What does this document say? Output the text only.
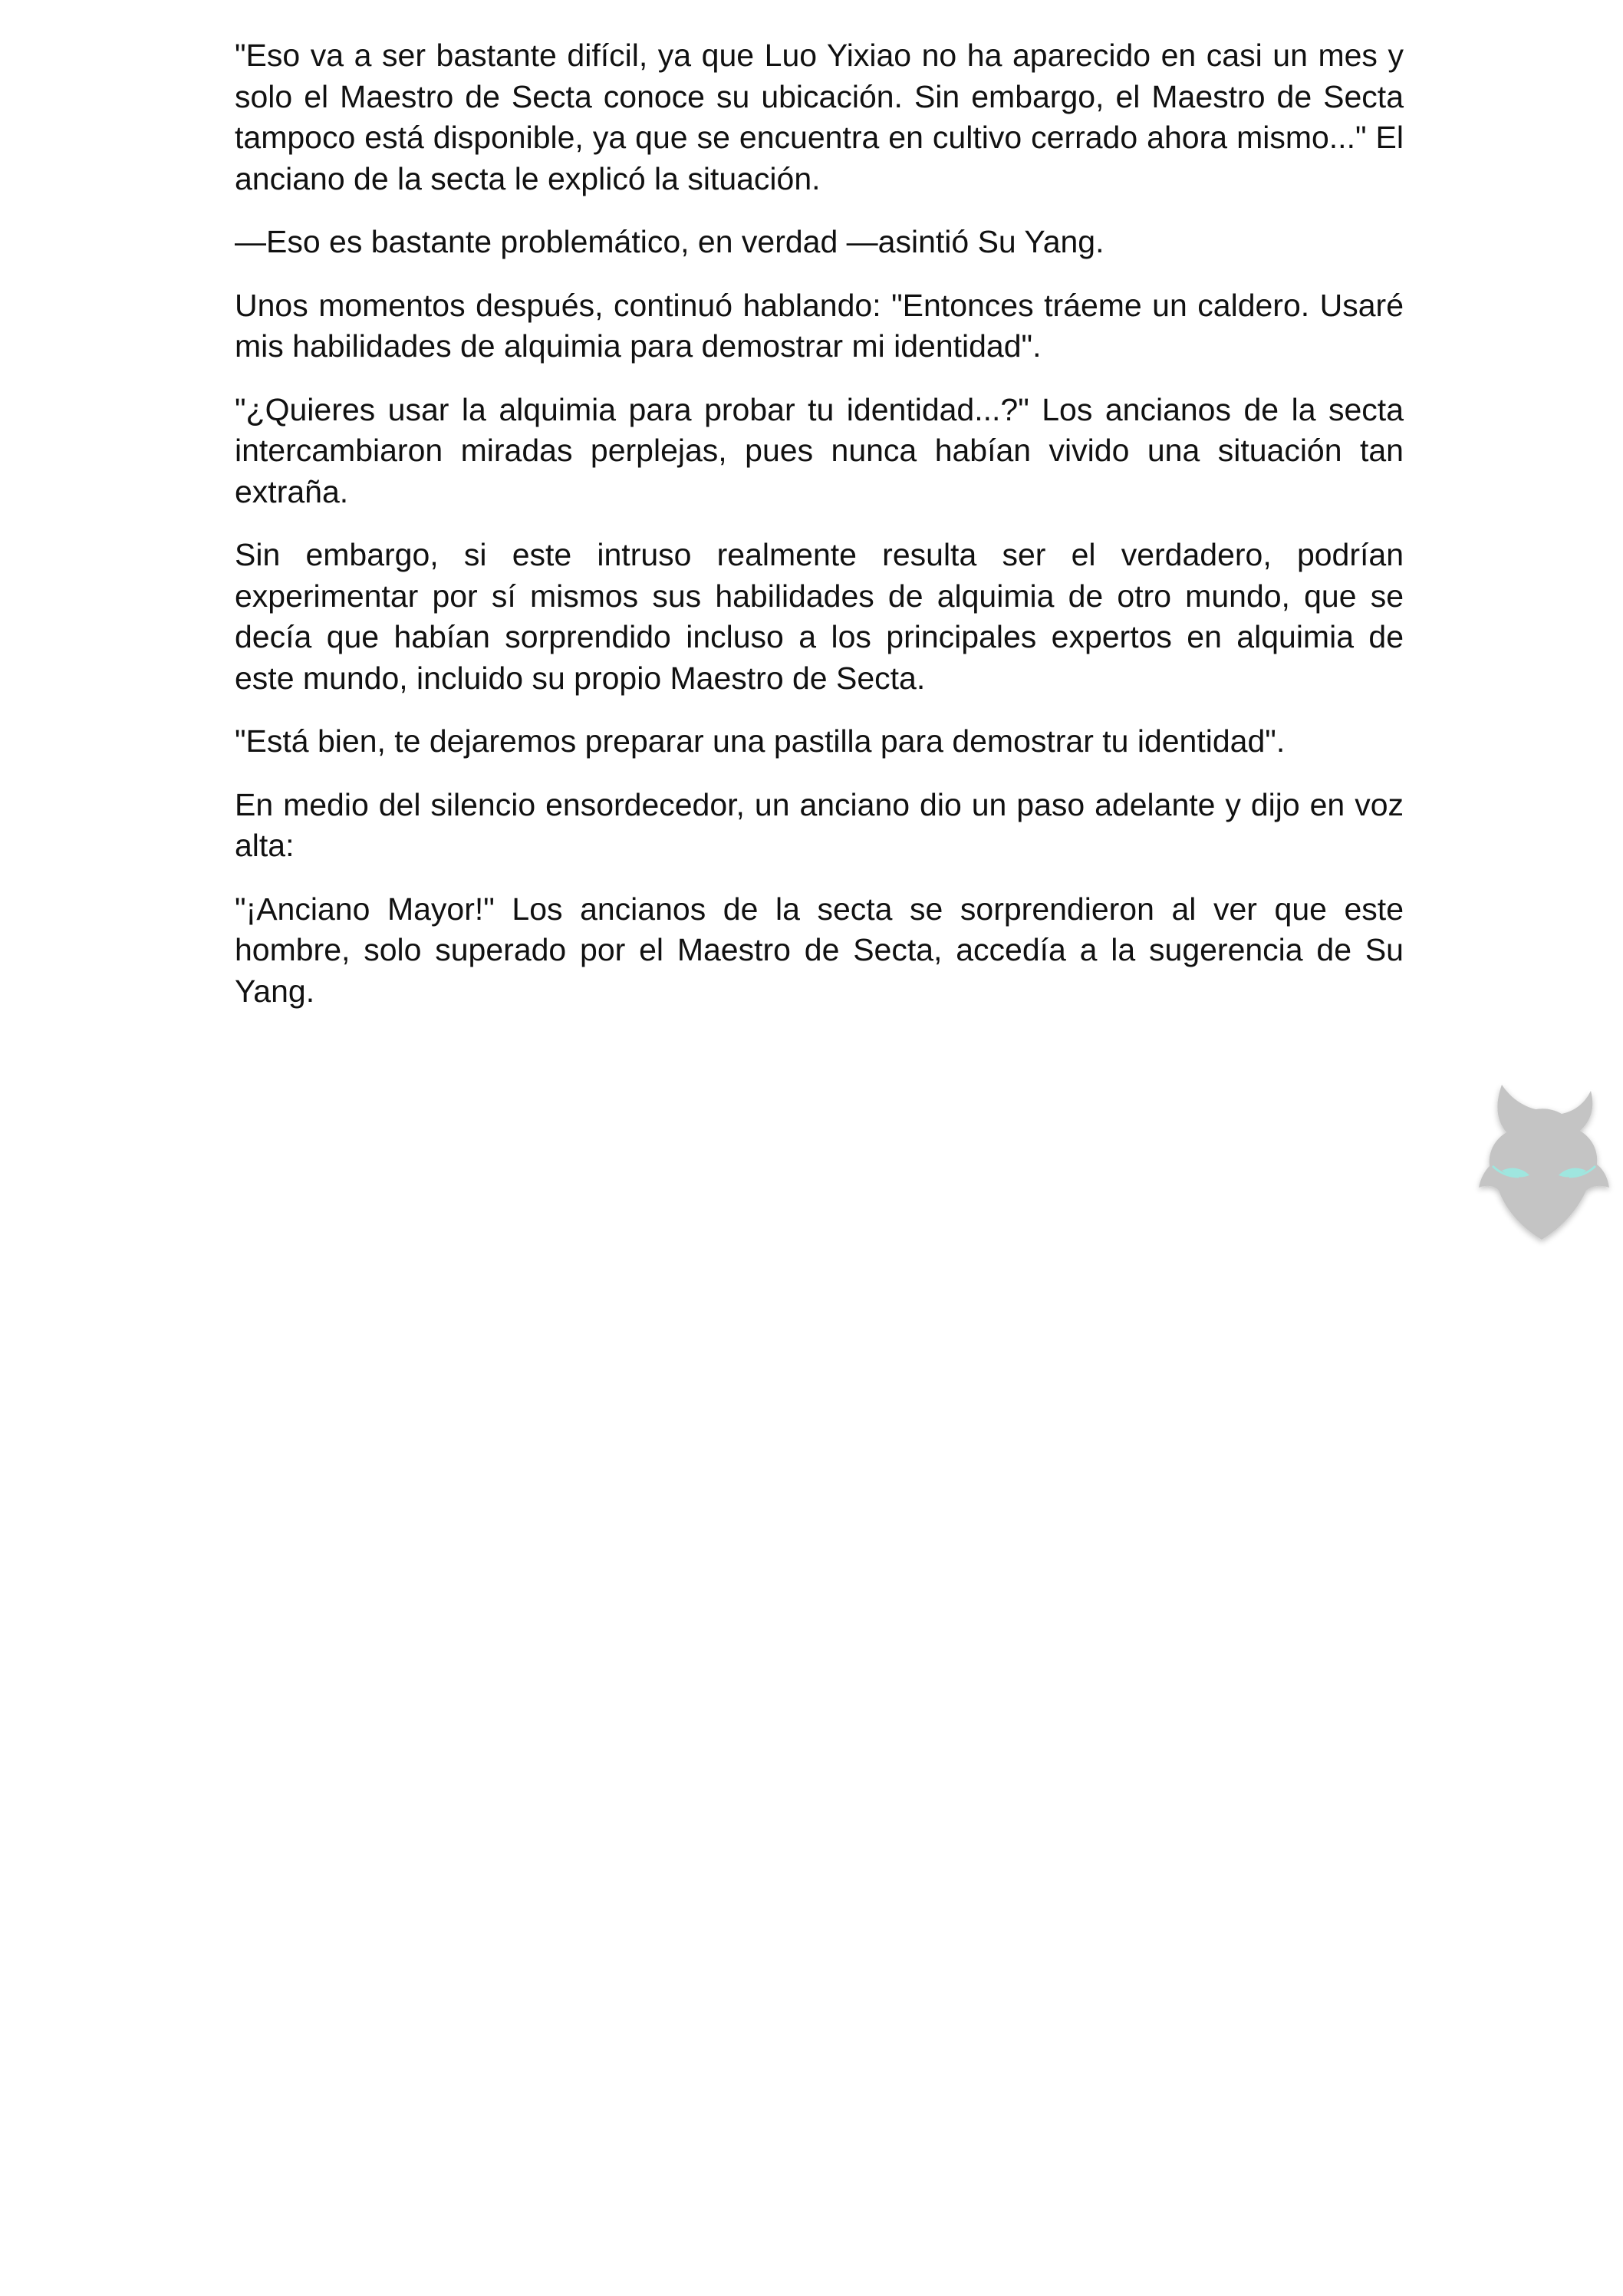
"Eso va a ser bastante difícil, ya que Luo Yixiao no ha aparecido en casi un mes y solo el Maestro de Secta conoce su ubicación. Sin embargo, el Maestro de Secta tampoco está disponible, ya que se encuentra en cultivo cerrado ahora mismo..." El anciano de la secta le explicó la situación.

—Eso es bastante problemático, en verdad —asintió Su Yang.

Unos momentos después, continuó hablando: "Entonces tráeme un caldero. Usaré mis habilidades de alquimia para demostrar mi identidad".

"¿Quieres usar la alquimia para probar tu identidad...?" Los ancianos de la secta intercambiaron miradas perplejas, pues nunca habían vivido una situación tan extraña.

Sin embargo, si este intruso realmente resulta ser el verdadero, podrían experimentar por sí mismos sus habilidades de alquimia de otro mundo, que se decía que habían sorprendido incluso a los principales expertos en alquimia de este mundo, incluido su propio Maestro de Secta.

"Está bien, te dejaremos preparar una pastilla para demostrar tu identidad".

En medio del silencio ensordecedor, un anciano dio un paso adelante y dijo en voz alta:

"¡Anciano Mayor!" Los ancianos de la secta se sorprendieron al ver que este hombre, solo superado por el Maestro de Secta, accedía a la sugerencia de Su Yang.
